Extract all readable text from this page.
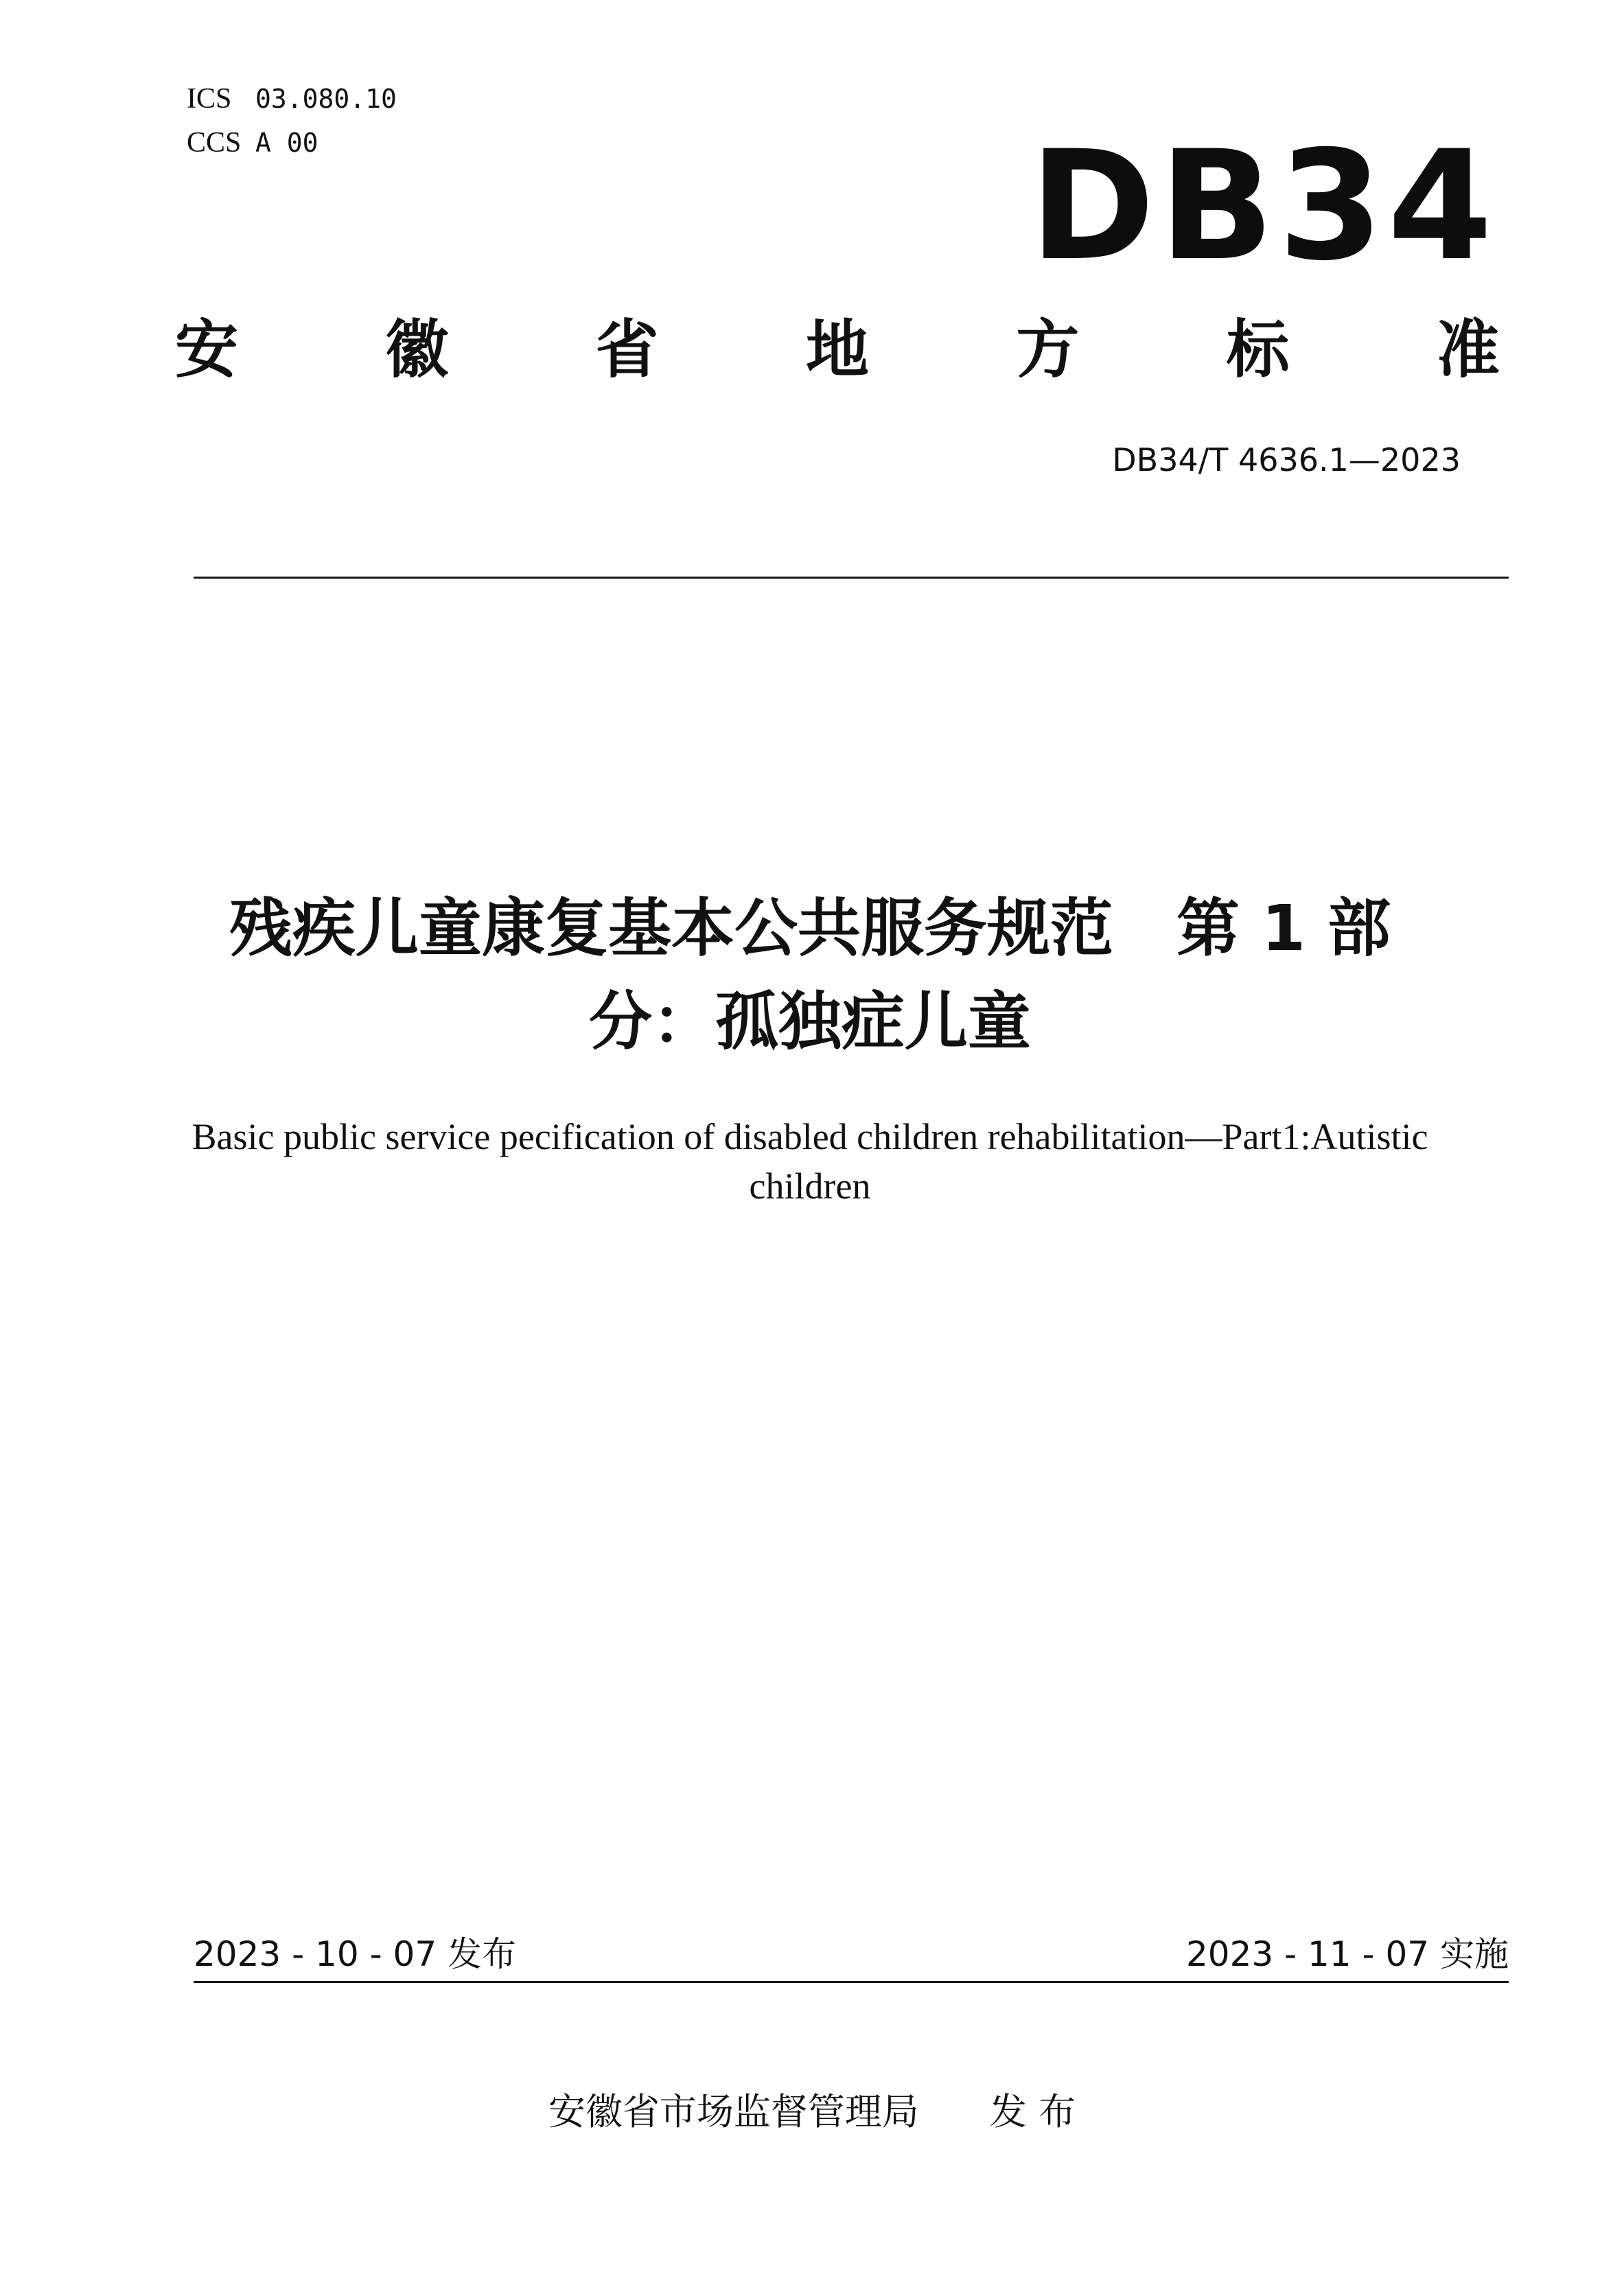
ICS 03.080.10
CCS A 00	DB34
安 徽 省 地 方 标 准
DB34/T 4636.1—2023
残疾儿童康复基本公共服务规范　第 1 部
分：孤独症儿童
Basic public service pecification of disabled children rehabilitation—Part1:Autistic
children
2023 - 10 - 07 发布	2023 - 11 - 07 实施
安徽省市场监督管理局 发 布
